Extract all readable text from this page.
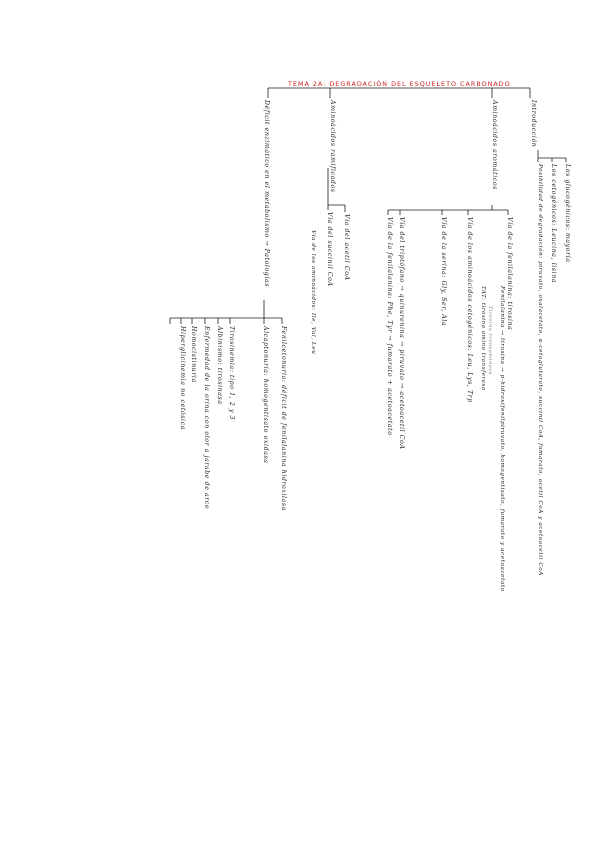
TEMA 2A: DEGRADACIÓN DEL ESQUELETO CARBONADO
Introducción
Los glucogénicos: mayoría
Los cetogénicos: Leucina, lisina
Posibilidad de degradación: piruvato, oxalacetato, α-cetoglutarato, succinil CoA, fumarato, acetil CoA y acetoacetil CoA
Aminoácidos aromáticos
Vía de la fenilalanina: tirosina
Fenilalanina → tirosina → p-hidroxifenilpiruvato, homogentisato, fumarato y acetoacetato
Tirosina transaminasa
TAT: tirosina amino transferasa
Vía de los aminoácidos cetogénicos: Leu, Lys, Trp
Vía de la serina: Gly, Ser, Ala
Vía del triptófano → quinurenina → piruvato → acetoacetil CoA
Vía de la fenilalanina: Phe, Tyr → fumarato + acetoacetato
Aminoácidos ramificados
Vía del acetil CoA
Vía del succinil CoA
Vía de los aminoácidos: Ile, Val, Leu
Déficit enzimático en el metabolismo → Patologías
Fenilcetonuria: déficit de fenilalanina hidroxilasa
Alcaptonuria: homogentisato oxidasa
Tirosinemia: tipo 1, 2 y 3
Albinismo: tirosinasa
Enfermedad de la orina con olor a jarabe de arce
Homocistinuria
Hiperglicinemia no cetósica
